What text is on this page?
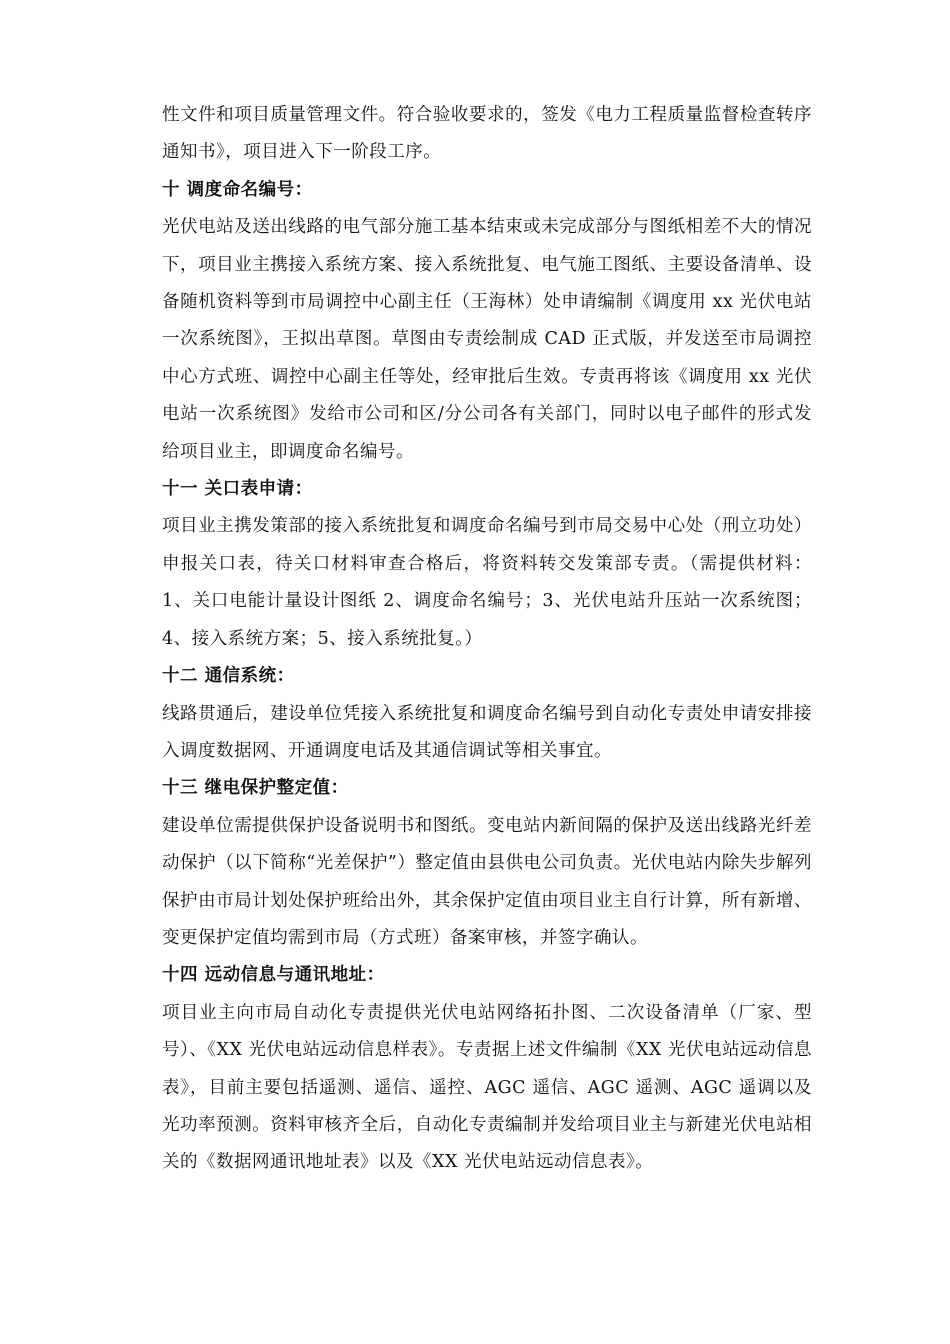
性文件和项目质量管理文件。符合验收要求的，签发《电力工程质量监督检查转序通知书》，项目进入下一阶段工序。

十 调度命名编号：

光伏电站及送出线路的电气部分施工基本结束或未完成部分与图纸相差不大的情况下，项目业主携接入系统方案、接入系统批复、电气施工图纸、主要设备清单、设备随机资料等到市局调控中心副主任（王海林）处申请编制《调度用 xx 光伏电站一次系统图》，王拟出草图。草图由专责绘制成 CAD 正式版，并发送至市局调控中心方式班、调控中心副主任等处，经审批后生效。专责再将该《调度用 xx 光伏电站一次系统图》发给市公司和区/分公司各有关部门，同时以电子邮件的形式发给项目业主，即调度命名编号。

十一 关口表申请：

项目业主携发策部的接入系统批复和调度命名编号到市局交易中心处（刑立功处）申报关口表，待关口材料审查合格后，将资料转交发策部专责。（需提供材料：1、关口电能计量设计图纸 2、调度命名编号；3、光伏电站升压站一次系统图；4、接入系统方案；5、接入系统批复。）

十二 通信系统：

线路贯通后，建设单位凭接入系统批复和调度命名编号到自动化专责处申请安排接入调度数据网、开通调度电话及其通信调试等相关事宜。

十三 继电保护整定值：

建设单位需提供保护设备说明书和图纸。变电站内新间隔的保护及送出线路光纤差动保护（以下简称“光差保护”）整定值由县供电公司负责。光伏电站内除失步解列保护由市局计划处保护班给出外，其余保护定值由项目业主自行计算，所有新增、变更保护定值均需到市局（方式班）备案审核，并签字确认。

十四 远动信息与通讯地址：

项目业主向市局自动化专责提供光伏电站网络拓扑图、二次设备清单（厂家、型号）、《XX 光伏电站远动信息样表》。专责据上述文件编制《XX 光伏电站远动信息表》，目前主要包括遥测、遥信、遥控、AGC 遥信、AGC 遥测、AGC 遥调以及光功率预测。资料审核齐全后，自动化专责编制并发给项目业主与新建光伏电站相关的《数据网通讯地址表》以及《XX 光伏电站远动信息表》。
